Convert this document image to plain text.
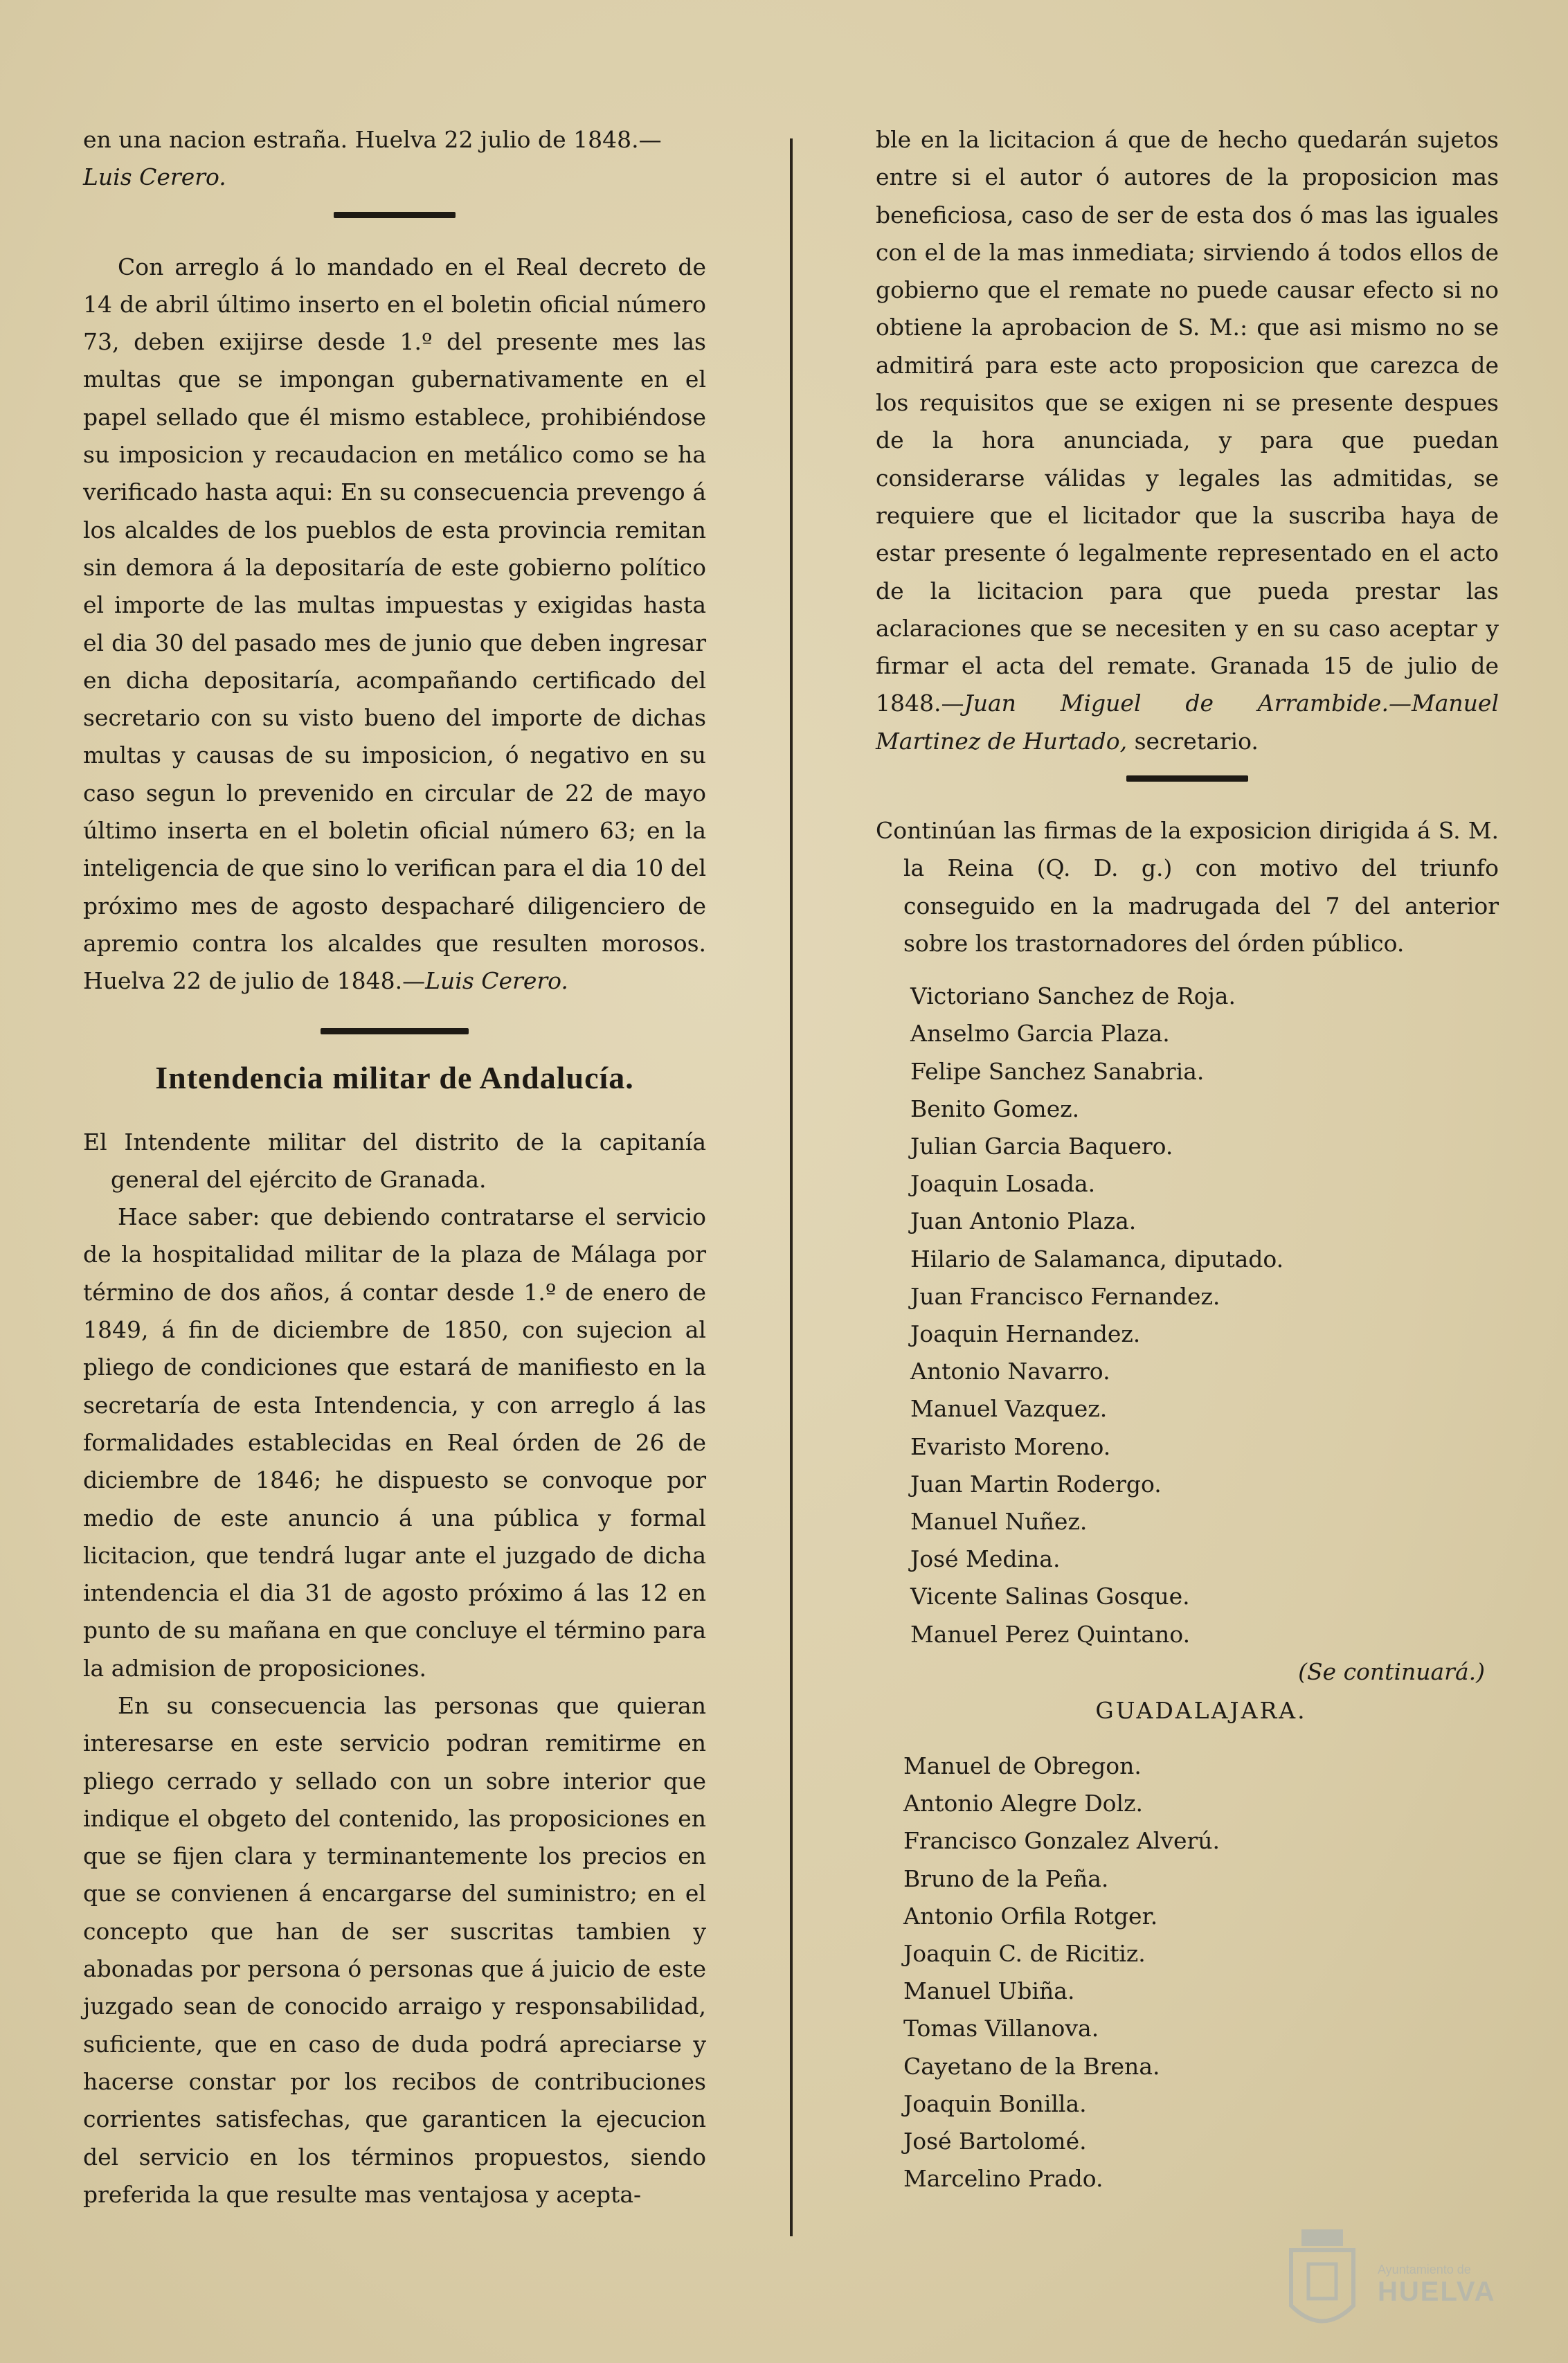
en una nacion estraña. Huelva 22 julio de 1848.—
Luis Cerero.

Con arreglo á lo mandado en el Real decreto de 14 de abril último inserto en el boletin oficial número 73, deben exijirse desde 1.º del presente mes las multas que se impongan gubernativamente en el papel sellado que él mismo establece, prohibiéndose su imposicion y recaudacion en metálico como se ha verificado hasta aqui: En su consecuencia prevengo á los alcaldes de los pueblos de esta provincia remitan sin demora á la depositaría de este gobierno político el importe de las multas impuestas y exigidas hasta el dia 30 del pasado mes de junio que deben ingresar en dicha depositaría, acompañando certificado del secretario con su visto bueno del importe de dichas multas y causas de su imposicion, ó negativo en su caso segun lo prevenido en circular de 22 de mayo último inserta en el boletin oficial número 63; en la inteligencia de que sino lo verifican para el dia 10 del próximo mes de agosto despacharé diligenciero de apremio contra los alcaldes que resulten morosos. Huelva 22 de julio de 1848.—Luis Cerero.

Intendencia militar de Andalucía.

El Intendente militar del distrito de la capitanía general del ejército de Granada.

Hace saber: que debiendo contratarse el servicio de la hospitalidad militar de la plaza de Málaga por término de dos años, á contar desde 1.º de enero de 1849, á fin de diciembre de 1850, con sujecion al pliego de condiciones que estará de manifiesto en la secretaría de esta Intendencia, y con arreglo á las formalidades establecidas en Real órden de 26 de diciembre de 1846; he dispuesto se convoque por medio de este anuncio á una pública y formal licitacion, que tendrá lugar ante el juzgado de dicha intendencia el dia 31 de agosto próximo á las 12 en punto de su mañana en que concluye el término para la admision de proposiciones.

En su consecuencia las personas que quieran interesarse en este servicio podran remitirme en pliego cerrado y sellado con un sobre interior que indique el obgeto del contenido, las proposiciones en que se fijen clara y terminantemente los precios en que se convienen á encargarse del suministro; en el concepto que han de ser suscritas tambien y abonadas por persona ó personas que á juicio de este juzgado sean de conocido arraigo y responsabilidad, suficiente, que en caso de duda podrá apreciarse y hacerse constar por los recibos de contribuciones corrientes satisfechas, que garanticen la ejecucion del servicio en los términos propuestos, siendo preferida la que resulte mas ventajosa y acepta-

ble en la licitacion á que de hecho quedarán sujetos entre si el autor ó autores de la proposicion mas beneficiosa, caso de ser de esta dos ó mas las iguales con el de la mas inmediata; sirviendo á todos ellos de gobierno que el remate no puede causar efecto si no obtiene la aprobacion de S. M.: que asi mismo no se admitirá para este acto proposicion que carezca de los requisitos que se exigen ni se presente despues de la hora anunciada, y para que puedan considerarse válidas y legales las admitidas, se requiere que el licitador que la suscriba haya de estar presente ó legalmente representado en el acto de la licitacion para que pueda prestar las aclaraciones que se necesiten y en su caso aceptar y firmar el acta del remate. Granada 15 de julio de 1848.—Juan Miguel de Arrambide.—Manuel Martinez de Hurtado, secretario.

Continúan las firmas de la exposicion dirigida á S. M. la Reina (Q. D. g.) con motivo del triunfo conseguido en la madrugada del 7 del anterior sobre los trastornadores del órden público.

Victoriano Sanchez de Roja.
Anselmo Garcia Plaza.
Felipe Sanchez Sanabria.
Benito Gomez.
Julian Garcia Baquero.
Joaquin Losada.
Juan Antonio Plaza.
Hilario de Salamanca, diputado.
Juan Francisco Fernandez.
Joaquin Hernandez.
Antonio Navarro.
Manuel Vazquez.
Evaristo Moreno.
Juan Martin Rodergo.
Manuel Nuñez.
José Medina.
Vicente Salinas Gosque.
Manuel Perez Quintano.
(Se continuará.)
GUADALAJARA.
Manuel de Obregon.
Antonio Alegre Dolz.
Francisco Gonzalez Alverú.
Bruno de la Peña.
Antonio Orfila Rotger.
Joaquin C. de Ricitiz.
Manuel Ubiña.
Tomas Villanova.
Cayetano de la Brena.
Joaquin Bonilla.
José Bartolomé.
Marcelino Prado.
Ayuntamiento de
HUELVA
